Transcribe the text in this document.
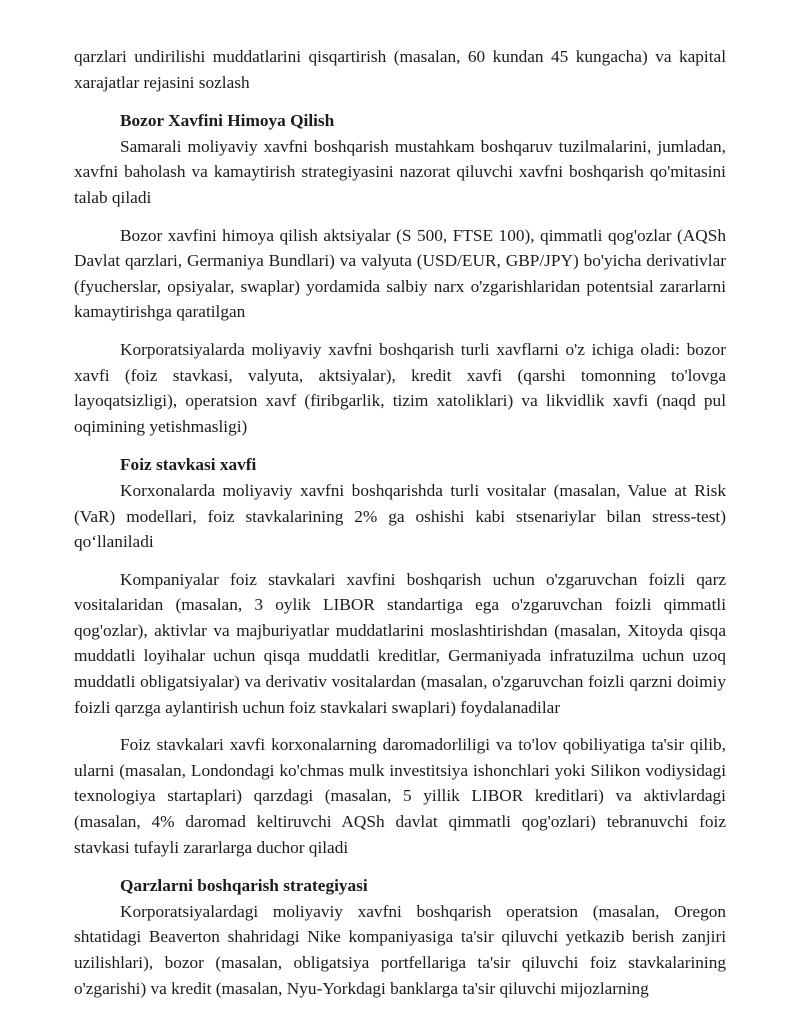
qarzlari undirilishi muddatlarini qisqartirish (masalan, 60 kundan 45 kungacha) va kapital xarajatlar rejasini sozlash

Bozor Xavfini Himoya Qilish

Samarali moliyaviy xavfni boshqarish mustahkam boshqaruv tuzilmalarini, jumladan, xavfni baholash va kamaytirish strategiyasini nazorat qiluvchi xavfni boshqarish qo'mitasini talab qiladi

Bozor xavfini himoya qilish aktsiyalar (S 500, FTSE 100), qimmatli qog'ozlar (AQSh Davlat qarzlari, Germaniya Bundlari) va valyuta (USD/EUR, GBP/JPY) bo'yicha derivativlar (fyucherslar, opsiyalar, swaplar) yordamida salbiy narx o'zgarishlaridan potentsial zararlarni kamaytirishga qaratilgan

Korporatsiyalarda moliyaviy xavfni boshqarish turli xavflarni o'z ichiga oladi: bozor xavfi (foiz stavkasi, valyuta, aktsiyalar), kredit xavfi (qarshi tomonning to'lovga layoqatsizligi), operatsion xavf (firibgarlik, tizim xatoliklari) va likvidlik xavfi (naqd pul oqimining yetishmasligi)

Foiz stavkasi xavfi

Korxonalarda moliyaviy xavfni boshqarishda turli vositalar (masalan, Value at Risk (VaR) modellari, foiz stavkalarining 2% ga oshishi kabi stsenariylar bilan stress-test) qo‘llaniladi

Kompaniyalar foiz stavkalari xavfini boshqarish uchun o'zgaruvchan foizli qarz vositalaridan (masalan, 3 oylik LIBOR standartiga ega o'zgaruvchan foizli qimmatli qog'ozlar), aktivlar va majburiyatlar muddatlarini moslashtirishdan (masalan, Xitoyda qisqa muddatli loyihalar uchun qisqa muddatli kreditlar, Germaniyada infratuzilma uchun uzoq muddatli obligatsiyalar) va derivativ vositalardan (masalan, o'zgaruvchan foizli qarzni doimiy foizli qarzga aylantirish uchun foiz stavkalari swaplari) foydalanadilar

Foiz stavkalari xavfi korxonalarning daromadorliligi va to'lov qobiliyatiga ta'sir qilib, ularni (masalan, Londondagi ko'chmas mulk investitsiya ishonchlari yoki Silikon vodiysidagi texnologiya startaplari) qarzdagi (masalan, 5 yillik LIBOR kreditlari) va aktivlardagi (masalan, 4% daromad keltiruvchi AQSh davlat qimmatli qog'ozlari) tebranuvchi foiz stavkasi tufayli zararlarga duchor qiladi

Qarzlarni boshqarish strategiyasi

Korporatsiyalardagi moliyaviy xavfni boshqarish operatsion (masalan, Oregon shtatidagi Beaverton shahridagi Nike kompaniyasiga ta'sir qiluvchi yetkazib berish zanjiri uzilishlari), bozor (masalan, obligatsiya portfellariga ta'sir qiluvchi foiz stavkalarining o'zgarishi) va kredit (masalan, Nyu-Yorkdagi banklarga ta'sir qiluvchi mijozlarning
